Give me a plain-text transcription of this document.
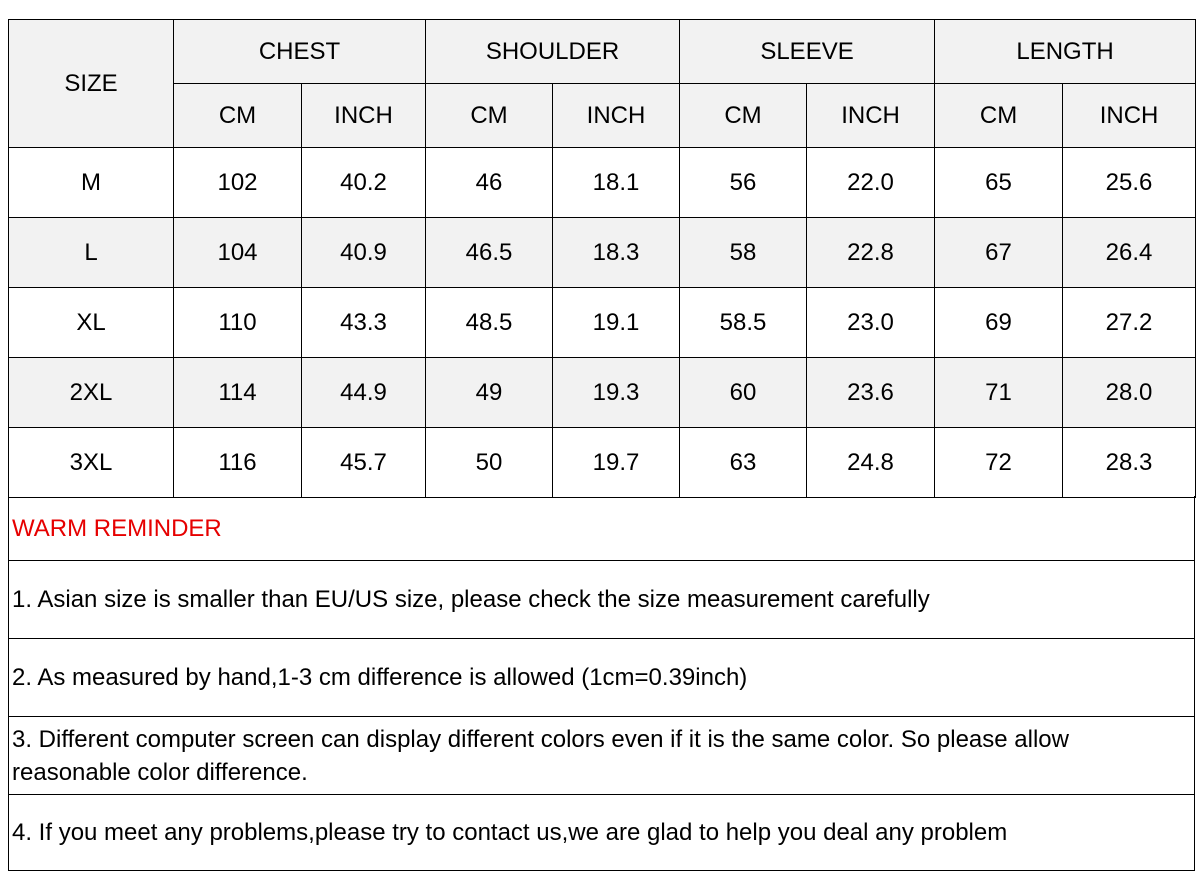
SIZE	CHEST		SHOULDER		SLEEVE		LENGTH	
	CM	INCH	CM	INCH	CM	INCH	CM	INCH
M	102	40.2	46	18.1	56	22.0	65	25.6
L	104	40.9	46.5	18.3	58	22.8	67	26.4
XL	110	43.3	48.5	19.1	58.5	23.0	69	27.2
2XL	114	44.9	49	19.3	60	23.6	71	28.0
3XL	116	45.7	50	19.7	63	24.8	72	28.3
WARM REMINDER
1. Asian size is smaller than EU/US size, please check the size measurement carefully
2. As measured by hand,1-3 cm difference is allowed (1cm=0.39inch)
3. Different computer screen can display different colors even if it is the same color. So please allow reasonable color difference.
4. If you meet any problems,please try to contact us,we are glad to help you deal any problem
